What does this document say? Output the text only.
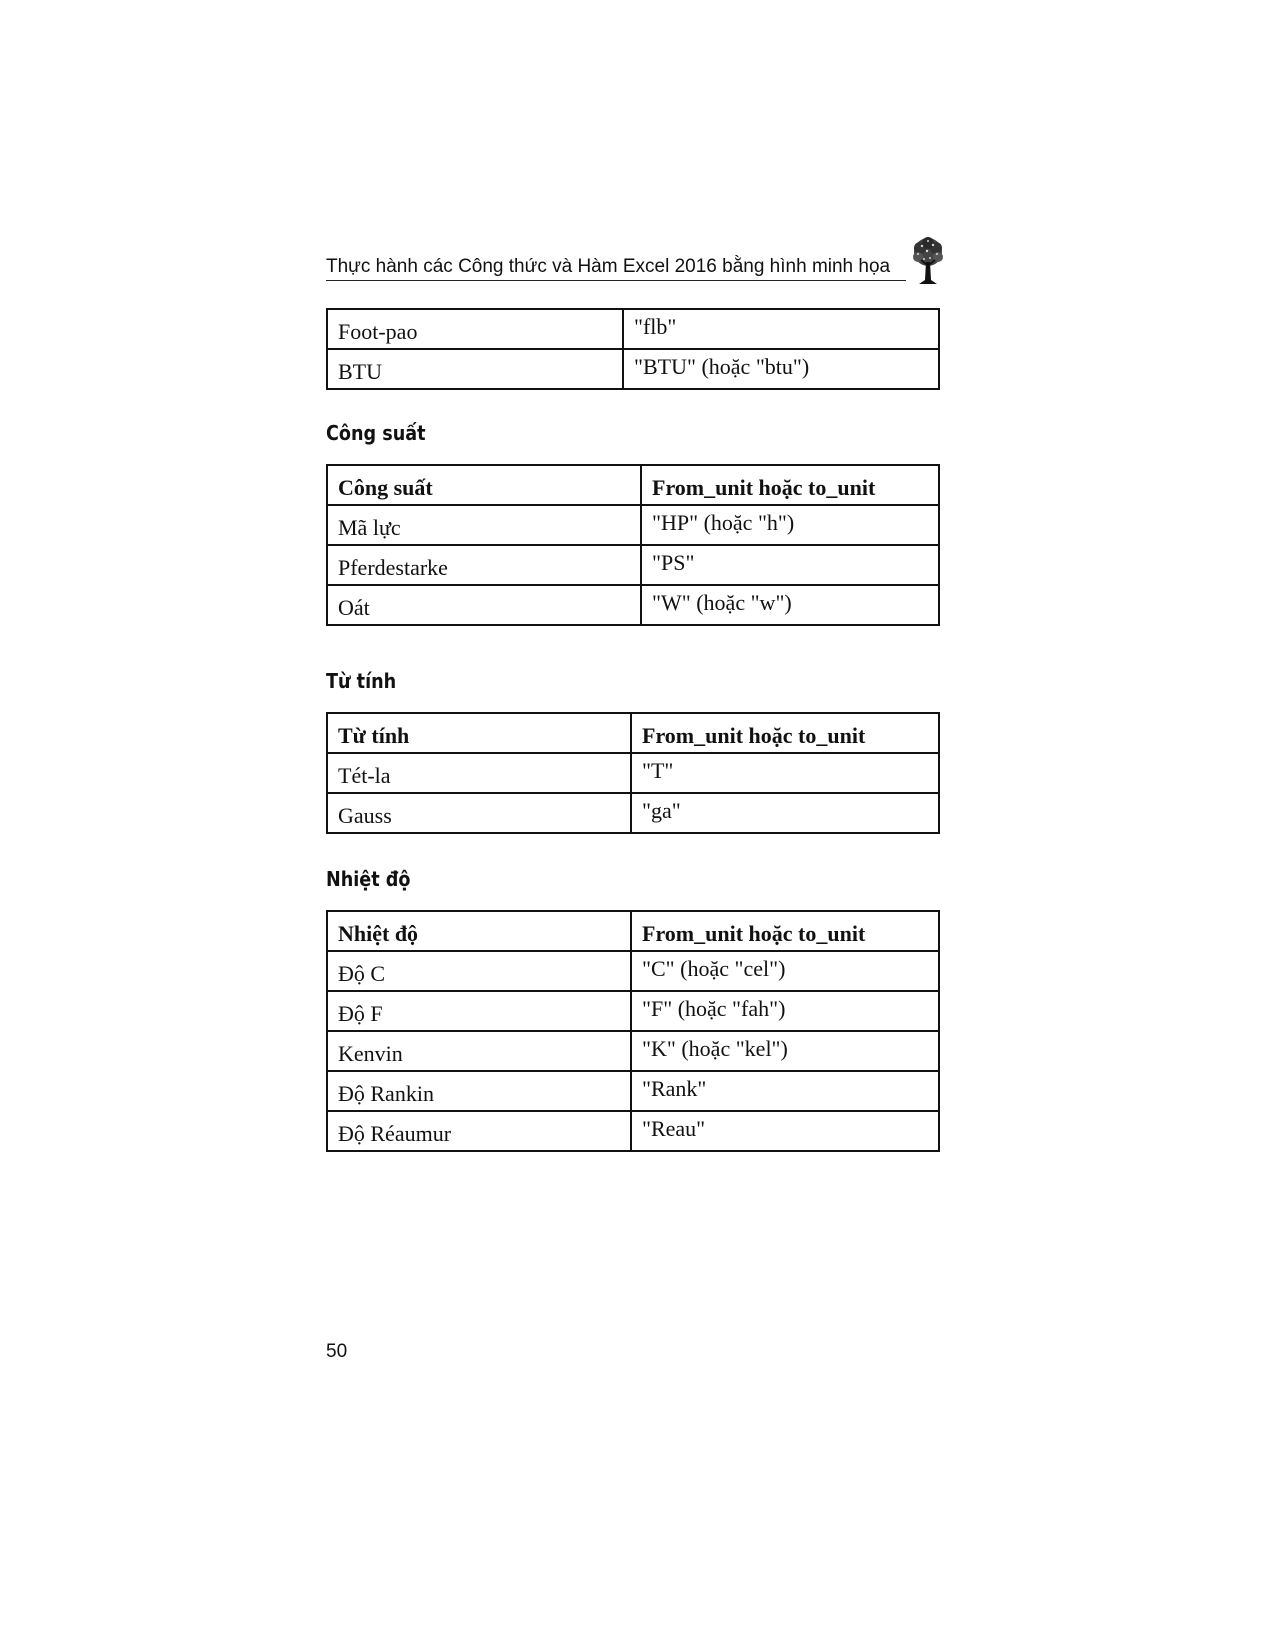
Thực hành các Công thức và Hàm Excel 2016 bằng hình minh họa
Foot-pao	"flb"
BTU	"BTU" (hoặc "btu")
Công suất
Công suất	From_unit hoặc to_unit
Mã lực	"HP" (hoặc "h")
Pferdestarke	"PS"
Oát	"W" (hoặc "w")
Từ tính
Từ tính	From_unit hoặc to_unit
Tét-la	"T"
Gauss	"ga"
Nhiệt độ
Nhiệt độ	From_unit hoặc to_unit
Độ C	"C" (hoặc "cel")
Độ F	"F" (hoặc "fah")
Kenvin	"K" (hoặc "kel")
Độ Rankin	"Rank"
Độ Réaumur	"Reau"
50
